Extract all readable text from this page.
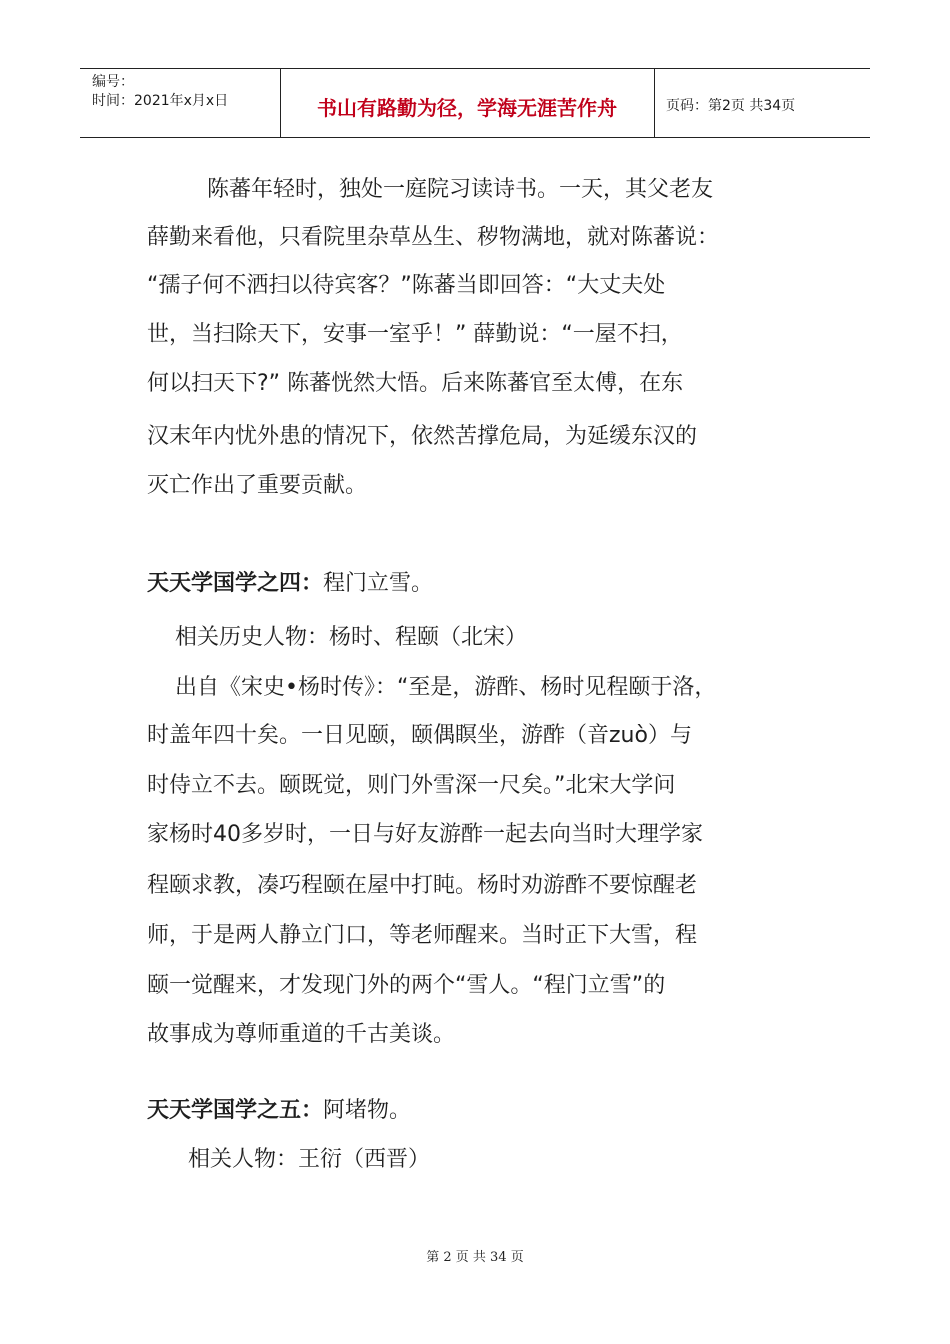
编号：
时间：2021年x月x日	书山有路勤为径，学海无涯苦作舟	页码：第2页 共34页
陈蕃年轻时，独处一庭院习读诗书。一天，其父老友
薛勤来看他，只看院里杂草丛生、秽物满地，就对陈蕃说：
“孺子何不洒扫以待宾客？”陈蕃当即回答：“大丈夫处
世，当扫除天下，安事一室乎！” 薛勤说：“一屋不扫，
何以扫天下?” 陈蕃恍然大悟。后来陈蕃官至太傅，在东
汉末年内忧外患的情况下，依然苦撑危局，为延缓东汉的
灭亡作出了重要贡献。
天天学国学之四：程门立雪。
相关历史人物：杨时、程颐（北宋）
出自《宋史•杨时传》：“至是，游酢、杨时见程颐于洛，
时盖年四十矣。一日见颐，颐偶瞑坐，游酢（音zuò）与
时侍立不去。颐既觉，则门外雪深一尺矣。”北宋大学问
家杨时40多岁时，一日与好友游酢一起去向当时大理学家
程颐求教，凑巧程颐在屋中打盹。杨时劝游酢不要惊醒老
师，于是两人静立门口，等老师醒来。当时正下大雪，程
颐一觉醒来，才发现门外的两个“雪人。“程门立雪”的
故事成为尊师重道的千古美谈。
天天学国学之五：阿堵物。
相关人物：王衍（西晋）
第 2 页 共 34 页
